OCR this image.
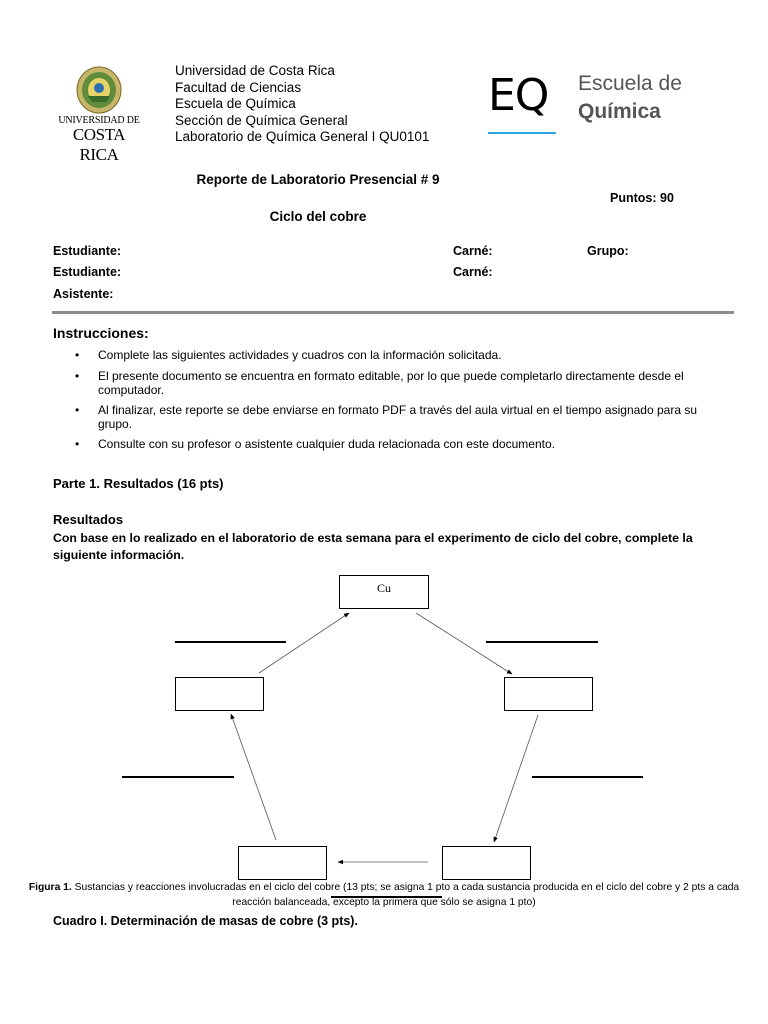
UNIVERSIDAD DE
COSTA RICA
Universidad de Costa Rica
Facultad de Ciencias
Escuela de Química
Sección de Química General
Laboratorio de Química General I QU0101
EQ Escuela de
Química
Reporte de Laboratorio Presencial # 9
Puntos: 90
Ciclo del cobre
Estudiante:	Carné:	Grupo:
Estudiante:	Carné:
Asistente:
Instrucciones:
• Complete las siguientes actividades y cuadros con la información solicitada.
• El presente documento se encuentra en formato editable, por lo que puede completarlo directamente desde el computador.
• Al finalizar, este reporte se debe enviarse en formato PDF a través del aula virtual en el tiempo asignado para su grupo.
• Consulte con su profesor o asistente cualquier duda relacionada con este documento.
Parte 1. Resultados (16 pts)
Resultados
Con base en lo realizado en el laboratorio de esta semana para el experimento de ciclo del cobre, complete la siguiente información.
Cu
Figura 1. Sustancias y reacciones involucradas en el ciclo del cobre (13 pts; se asigna 1 pto a cada sustancia producida en el ciclo del cobre y 2 pts a cada reacción balanceada, excepto la primera que sólo se asigna 1 pto)
Cuadro I. Determinación de masas de cobre (3 pts).
